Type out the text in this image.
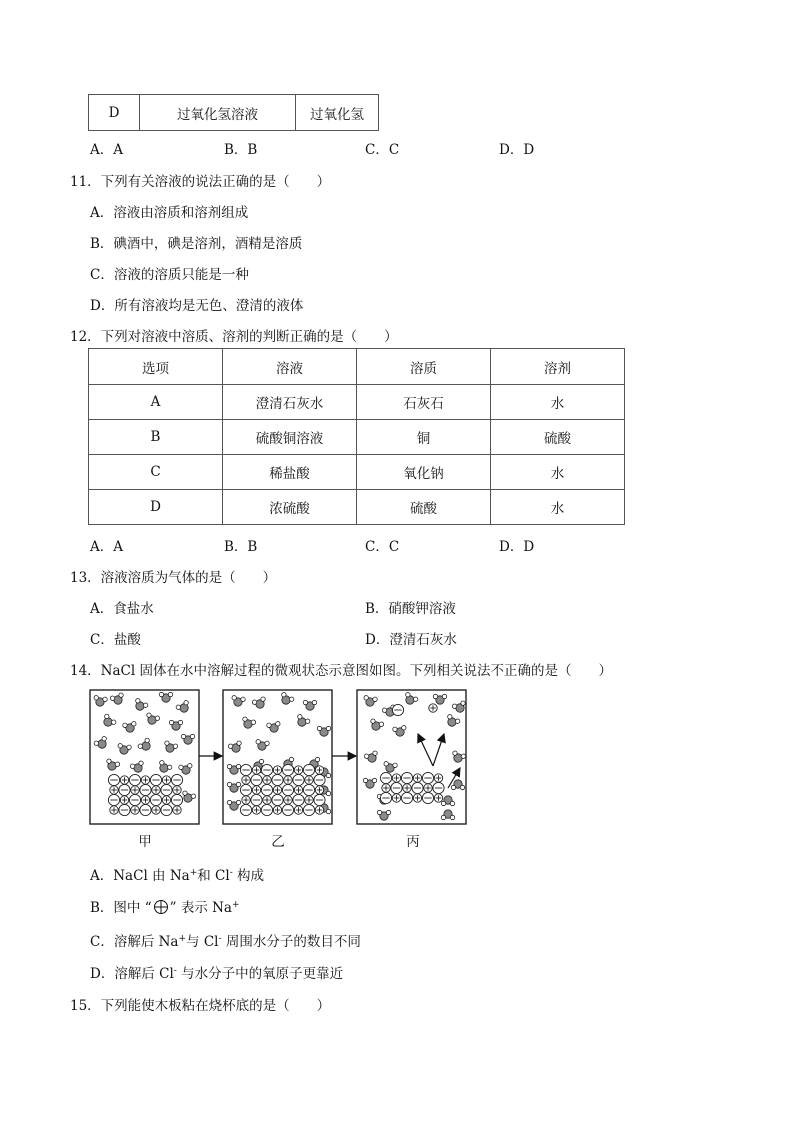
D	过氧化氢溶液	过氧化氢
A．A	B．B	C．C	D．D
11．下列有关溶液的说法正确的是（　　）
A．溶液由溶质和溶剂组成
B．碘酒中，碘是溶剂，酒精是溶质
C．溶液的溶质只能是一种
D．所有溶液均是无色、澄清的液体
12．下列对溶液中溶质、溶剂的判断正确的是（　　）
选项	溶液	溶质	溶剂
A	澄清石灰水	石灰石	水
B	硫酸铜溶液	铜	硫酸
C	稀盐酸	氧化钠	水
D	浓硫酸	硫酸	水
A．A	B．B	C．C	D．D
13．溶液溶质为气体的是（　　）
A．食盐水	B．硝酸钾溶液
C．盐酸	D．澄清石灰水
14．NaCl 固体在水中溶解过程的微观状态示意图如图。下列相关说法不正确的是（　　）
甲	乙	丙
A．NaCl 由 Na+和 Cl- 构成
B．图中 “ ” 表示 Na+
C．溶解后 Na+与 Cl- 周围水分子的数目不同
D．溶解后 Cl- 与水分子中的氧原子更靠近
15．下列能使木板粘在烧杯底的是（　　）
